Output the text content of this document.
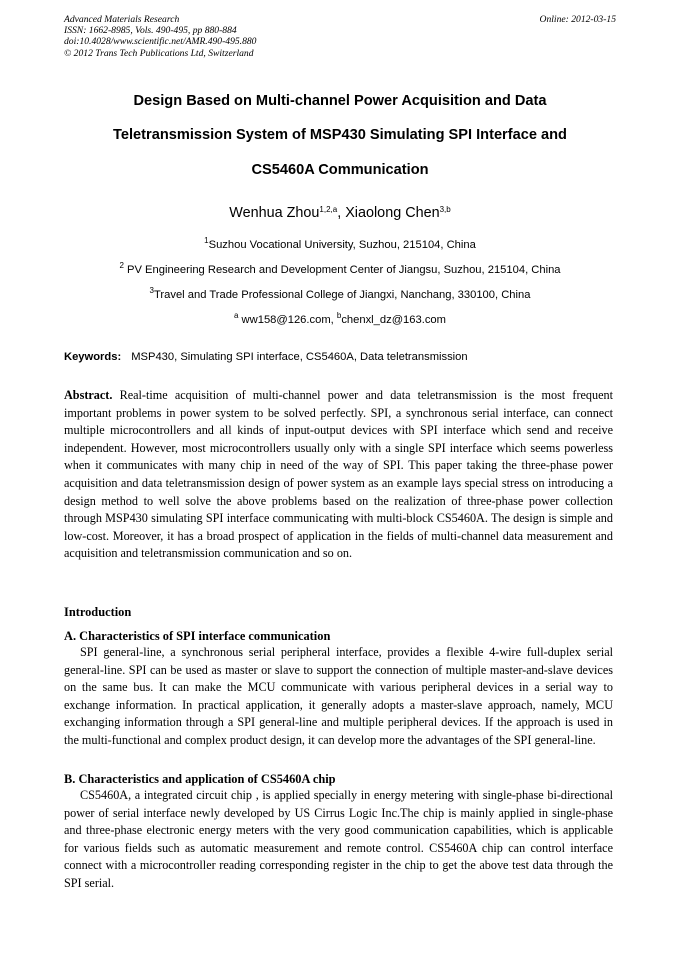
Advanced Materials Research
ISSN: 1662-8985, Vols. 490-495, pp 880-884
doi:10.4028/www.scientific.net/AMR.490-495.880
© 2012 Trans Tech Publications Ltd, Switzerland
Online: 2012-03-15
Design Based on Multi-channel Power Acquisition and Data
Teletransmission System of MSP430 Simulating SPI Interface and
CS5460A Communication
Wenhua Zhou$^{1,2,a}$, Xiaolong Chen$^{3,b}$
$^1$Suzhou Vocational University, Suzhou, 215104, China
$^2$ PV Engineering Research and Development Center of Jiangsu, Suzhou, 215104, China
$^3$Travel and Trade Professional College of Jiangxi, Nanchang, 330100, China
$^a$ ww158@126.com, $^b$chenxl_dz@163.com
Keywords: MSP430, Simulating SPI interface, CS5460A, Data teletransmission
Abstract. Real-time acquisition of multi-channel power and data teletransmission is the most frequent important problems in power system to be solved perfectly. SPI, a synchronous serial interface, can connect multiple microcontrollers and all kinds of input-output devices with SPI interface which send and receive independent. However, most microcontrollers usually only with a single SPI interface which seems powerless when it communicates with many chip in need of the way of SPI. This paper taking the three-phase power acquisition and data teletransmission design of power system as an example lays special stress on introducing a design method to well solve the above problems based on the realization of three-phase power collection through MSP430 simulating SPI interface communicating with multi-block CS5460A. The design is simple and low-cost. Moreover, it has a broad prospect of application in the fields of multi-channel data measurement and acquisition and teletransmission communication and so on.
Introduction
A. Characteristics of SPI interface communication
SPI general-line, a synchronous serial peripheral interface, provides a flexible 4-wire full-duplex serial general-line. SPI can be used as master or slave to support the connection of multiple master-and-slave devices on the same bus. It can make the MCU communicate with various peripheral devices in a serial way to exchange information. In practical application, it generally adopts a master-slave approach, namely, MCU exchanging information through a SPI general-line and multiple peripheral devices. If the approach is used in the multi-functional and complex product design, it can develop more the advantages of the SPI general-line.
B. Characteristics and application of CS5460A chip
CS5460A, a integrated circuit chip , is applied specially in energy metering with single-phase bi-directional power of serial interface newly developed by US Cirrus Logic Inc.The chip is mainly applied in single-phase and three-phase electronic energy meters with the very good communication capabilities, which is applicable for various fields such as automatic measurement and remote control. CS5460A chip can control interface connect with a microcontroller reading corresponding register in the chip to get the above test data through the SPI serial.
